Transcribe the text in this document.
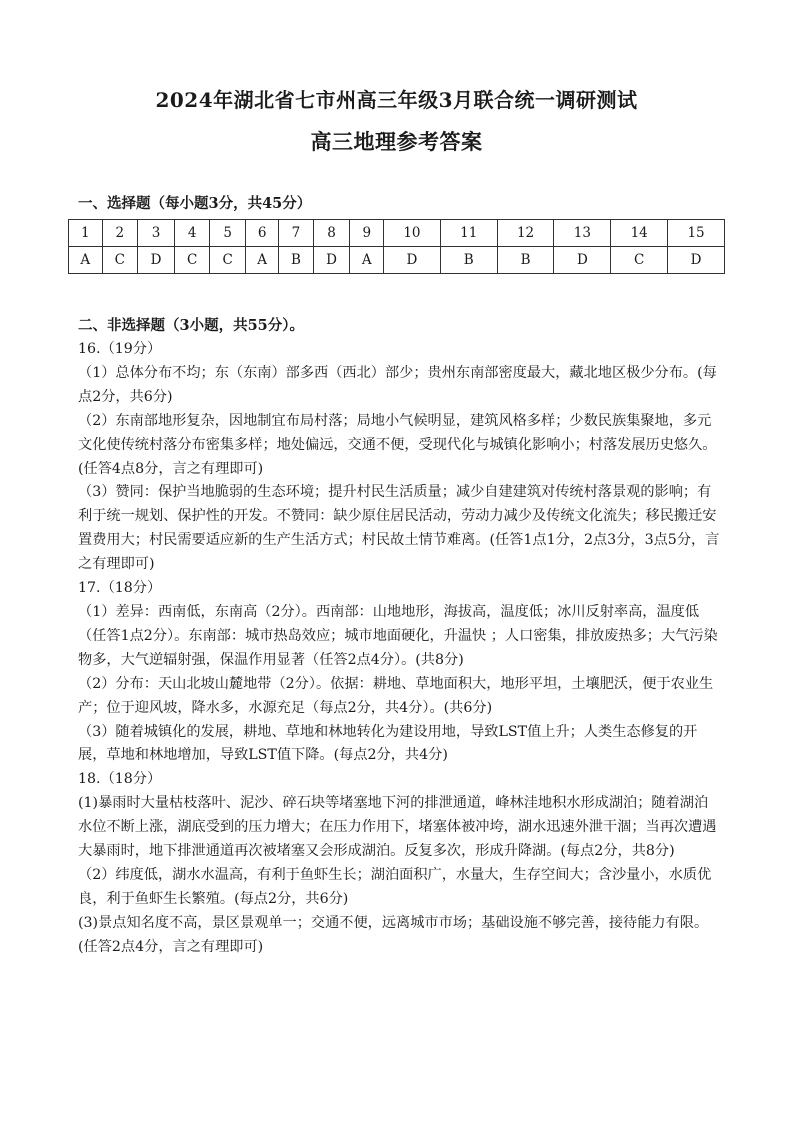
2024年湖北省七市州高三年级3月联合统一调研测试
高三地理参考答案
一、选择题（每小题3分，共45分）
1	2	3	4	5	6	7	8	9	10	11	12	13	14	15
A	C	D	C	C	A	B	D	A	D	B	B	D	C	D
二、非选择题（3小题，共55分）。

16.（19分）

（1）总体分布不均；东（东南）部多西（西北）部少；贵州东南部密度最大，藏北地区极少分布。(每点2分，共6分)

（2）东南部地形复杂，因地制宜布局村落；局地小气候明显，建筑风格多样；少数民族集聚地，多元文化使传统村落分布密集多样；地处偏远，交通不便，受现代化与城镇化影响小；村落发展历史悠久。(任答4点8分，言之有理即可)

（3）赞同：保护当地脆弱的生态环境；提升村民生活质量；减少自建建筑对传统村落景观的影响；有利于统一规划、保护性的开发。不赞同：缺少原住居民活动，劳动力减少及传统文化流失；移民搬迁安置费用大；村民需要适应新的生产生活方式；村民故土情节难离。(任答1点1分，2点3分，3点5分，言之有理即可)

17.（18分）

（1）差异：西南低，东南高（2分）。西南部：山地地形，海拔高，温度低；冰川反射率高，温度低（任答1点2分）。东南部：城市热岛效应；城市地面硬化，升温快 ；人口密集，排放废热多；大气污染物多，大气逆辐射强，保温作用显著（任答2点4分）。(共8分)

（2）分布：天山北坡山麓地带（2分）。依据：耕地、草地面积大，地形平坦，土壤肥沃，便于农业生产；位于迎风坡，降水多，水源充足（每点2分，共4分）。(共6分)

（3）随着城镇化的发展，耕地、草地和林地转化为建设用地，导致LST值上升；人类生态修复的开展，草地和林地增加，导致LST值下降。(每点2分，共4分)

18.（18分）

(1)暴雨时大量枯枝落叶、泥沙、碎石块等堵塞地下河的排泄通道，峰林洼地积水形成湖泊；随着湖泊水位不断上涨，湖底受到的压力增大；在压力作用下，堵塞体被冲垮，湖水迅速外泄干涸；当再次遭遇大暴雨时，地下排泄通道再次被堵塞又会形成湖泊。反复多次，形成升降湖。(每点2分，共8分)

（2）纬度低，湖水水温高，有利于鱼虾生长；湖泊面积广，水量大，生存空间大；含沙量小，水质优良，利于鱼虾生长繁殖。(每点2分，共6分)

(3)景点知名度不高，景区景观单一；交通不便，远离城市市场；基础设施不够完善，接待能力有限。(任答2点4分，言之有理即可)
